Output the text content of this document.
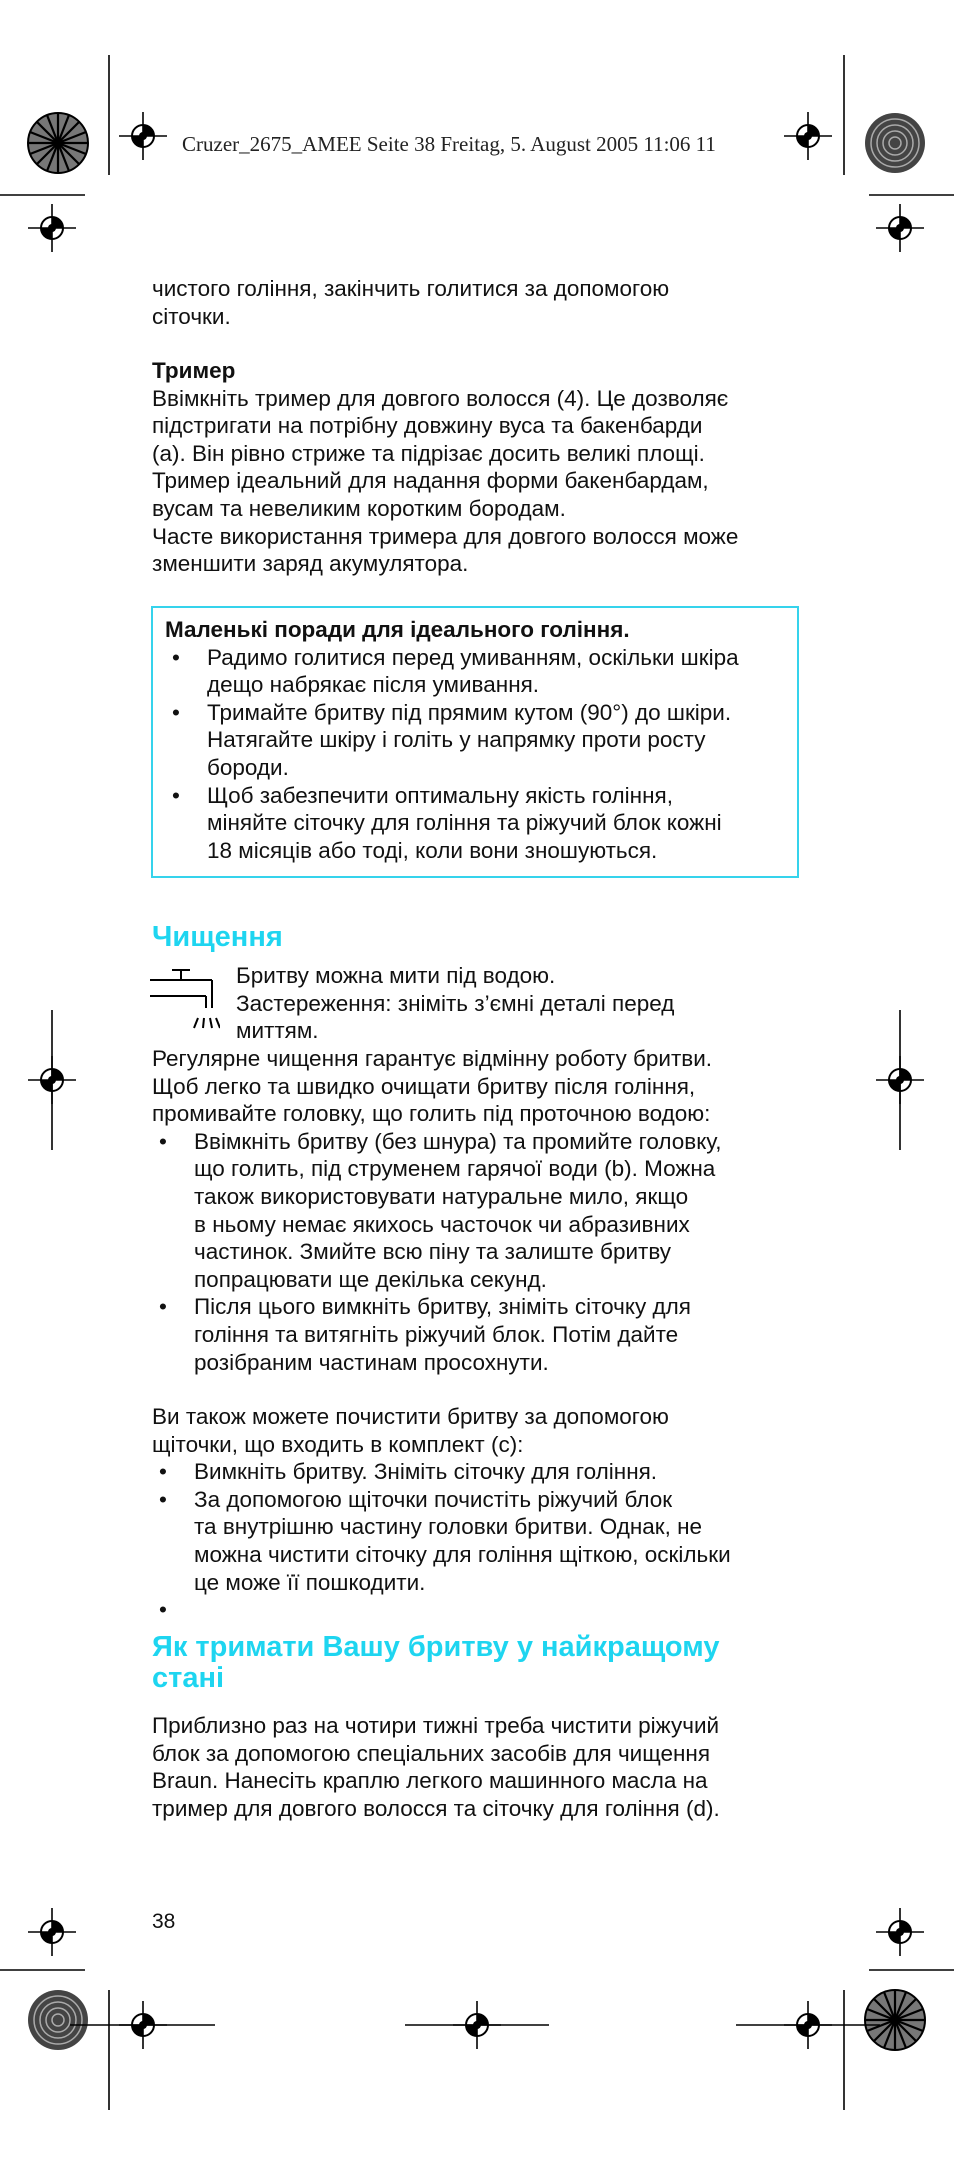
Cruzer_2675_AMEE Seite 38 Freitag, 5. August 2005 11:06 11

чистого гоління, закінчить голитися за допомогою

сіточки.

Тример

Ввімкніть тример для довгого волосся (4). Це дозволяє

підстригати на потрібну довжину вуса та бакенбарди

(a). Він рівно стриже та підрізає досить великі площі.

Тример ідеальний для надання форми бакенбардам,

вусам та невеликим коротким бородам.

Часте використання тримера для довгого волосся може

зменшити заряд акумулятора.

Маленькі поради для ідеального гоління.

• Радимо голитися перед умиванням, оскільки шкіра
дещо набрякає після умивання.
• Тримайте бритву під прямим кутом (90°) до шкіри.
Натягайте шкіру і голіть у напрямку проти росту
бороди.
• Щоб забезпечити оптимальну якість гоління,
міняйте сіточку для гоління та ріжучий блок кожні
18 місяців або тоді, коли вони зношуються.

Чищення

Бритву можна мити під водою.

Застереження: зніміть з’ємні деталі перед

миттям.

Регулярне чищення гарантує відмінну роботу бритви.

Щоб легко та швидко очищати бритву після гоління,

промивайте головку, що голить під проточною водою:

• Ввімкніть бритву (без шнура) та промийте головку,
що голить, під струменем гарячої води (b). Можна
також використовувати натуральне мило, якщо
в ньому немає якихось часточок чи абразивних
частинок. Змийте всю піну та залиште бритву
попрацювати ще декілька секунд.
• Після цього вимкніть бритву, зніміть сіточку для
гоління та витягніть ріжучий блок. Потім дайте
розібраним частинам просохнути.

Ви також можете почистити бритву за допомогою

щіточки, що входить в комплект (c):

• Вимкніть бритву. Зніміть сіточку для гоління.
• За допомогою щіточки почистіть ріжучий блок
та внутрішню частину головки бритви. Однак, не
можна чистити сіточку для гоління щіткою, оскільки
це може її пошкодити.
•

Як тримати Вашу бритву у найкращому
стані

Приблизно раз на чотири тижні треба чистити ріжучий

блок за допомогою спеціальних засобів для чищення

Braun. Нанесіть краплю легкого машинного масла на

тример для довгого волосся та сіточку для гоління (d).

38
